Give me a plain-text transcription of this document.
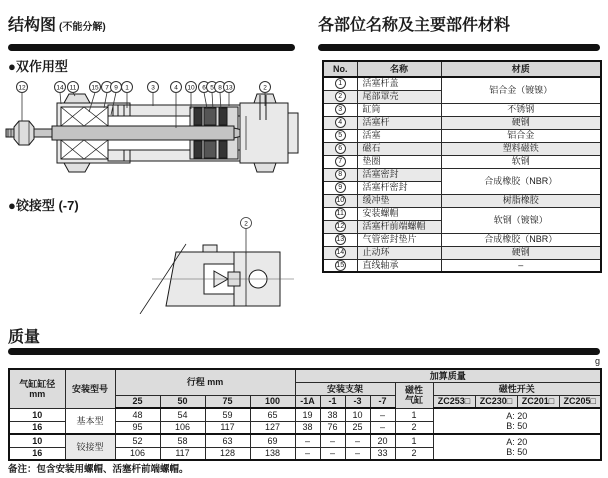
结构图 (不能分解)
●双作用型
12	14 11 15 7 9 1	3	4 10 6 5 8 13	2
●铰接型 (-7)
2
各部位名称及主要部件材料
No.	名称	材质
1	活塞杆盖	铝合金（镀镍）
2	尾部罩壳	
3	缸筒	不锈钢
4	活塞杆	硬钢
5	活塞	铝合金
6	磁石	塑料磁铁
7	垫圈	软钢
8	活塞密封	合成橡胶（NBR）
9	活塞杆密封	
10	缓冲垫	树脂橡胶
11	安装螺帽	软钢（镀镍）
12	活塞杆前端螺帽	
13	气管密封垫片	合成橡胶（NBR）
14	止动环	硬钢
15	直线轴承	–
质量
g
气缸缸径
mm	安装型号	行程 mm				加算质量								
						安装支架				磁性
气缸	磁性开关			
		25	50	75	100	-1A	-1	-3	-7		ZC253□	ZC230□	ZC201□	ZC205□
10	基本型	48	54	59	65	19	38	10	–	1	A: 20
B: 50			
16		95	106	117	127	38	76	25	–	2				
10	铰接型	52	58	63	69	–	–	–	20	1	A: 20
B: 50			
16		106	117	128	138	–	–	–	33	2				
备注：包含安装用螺帽、活塞杆前端螺帽。
